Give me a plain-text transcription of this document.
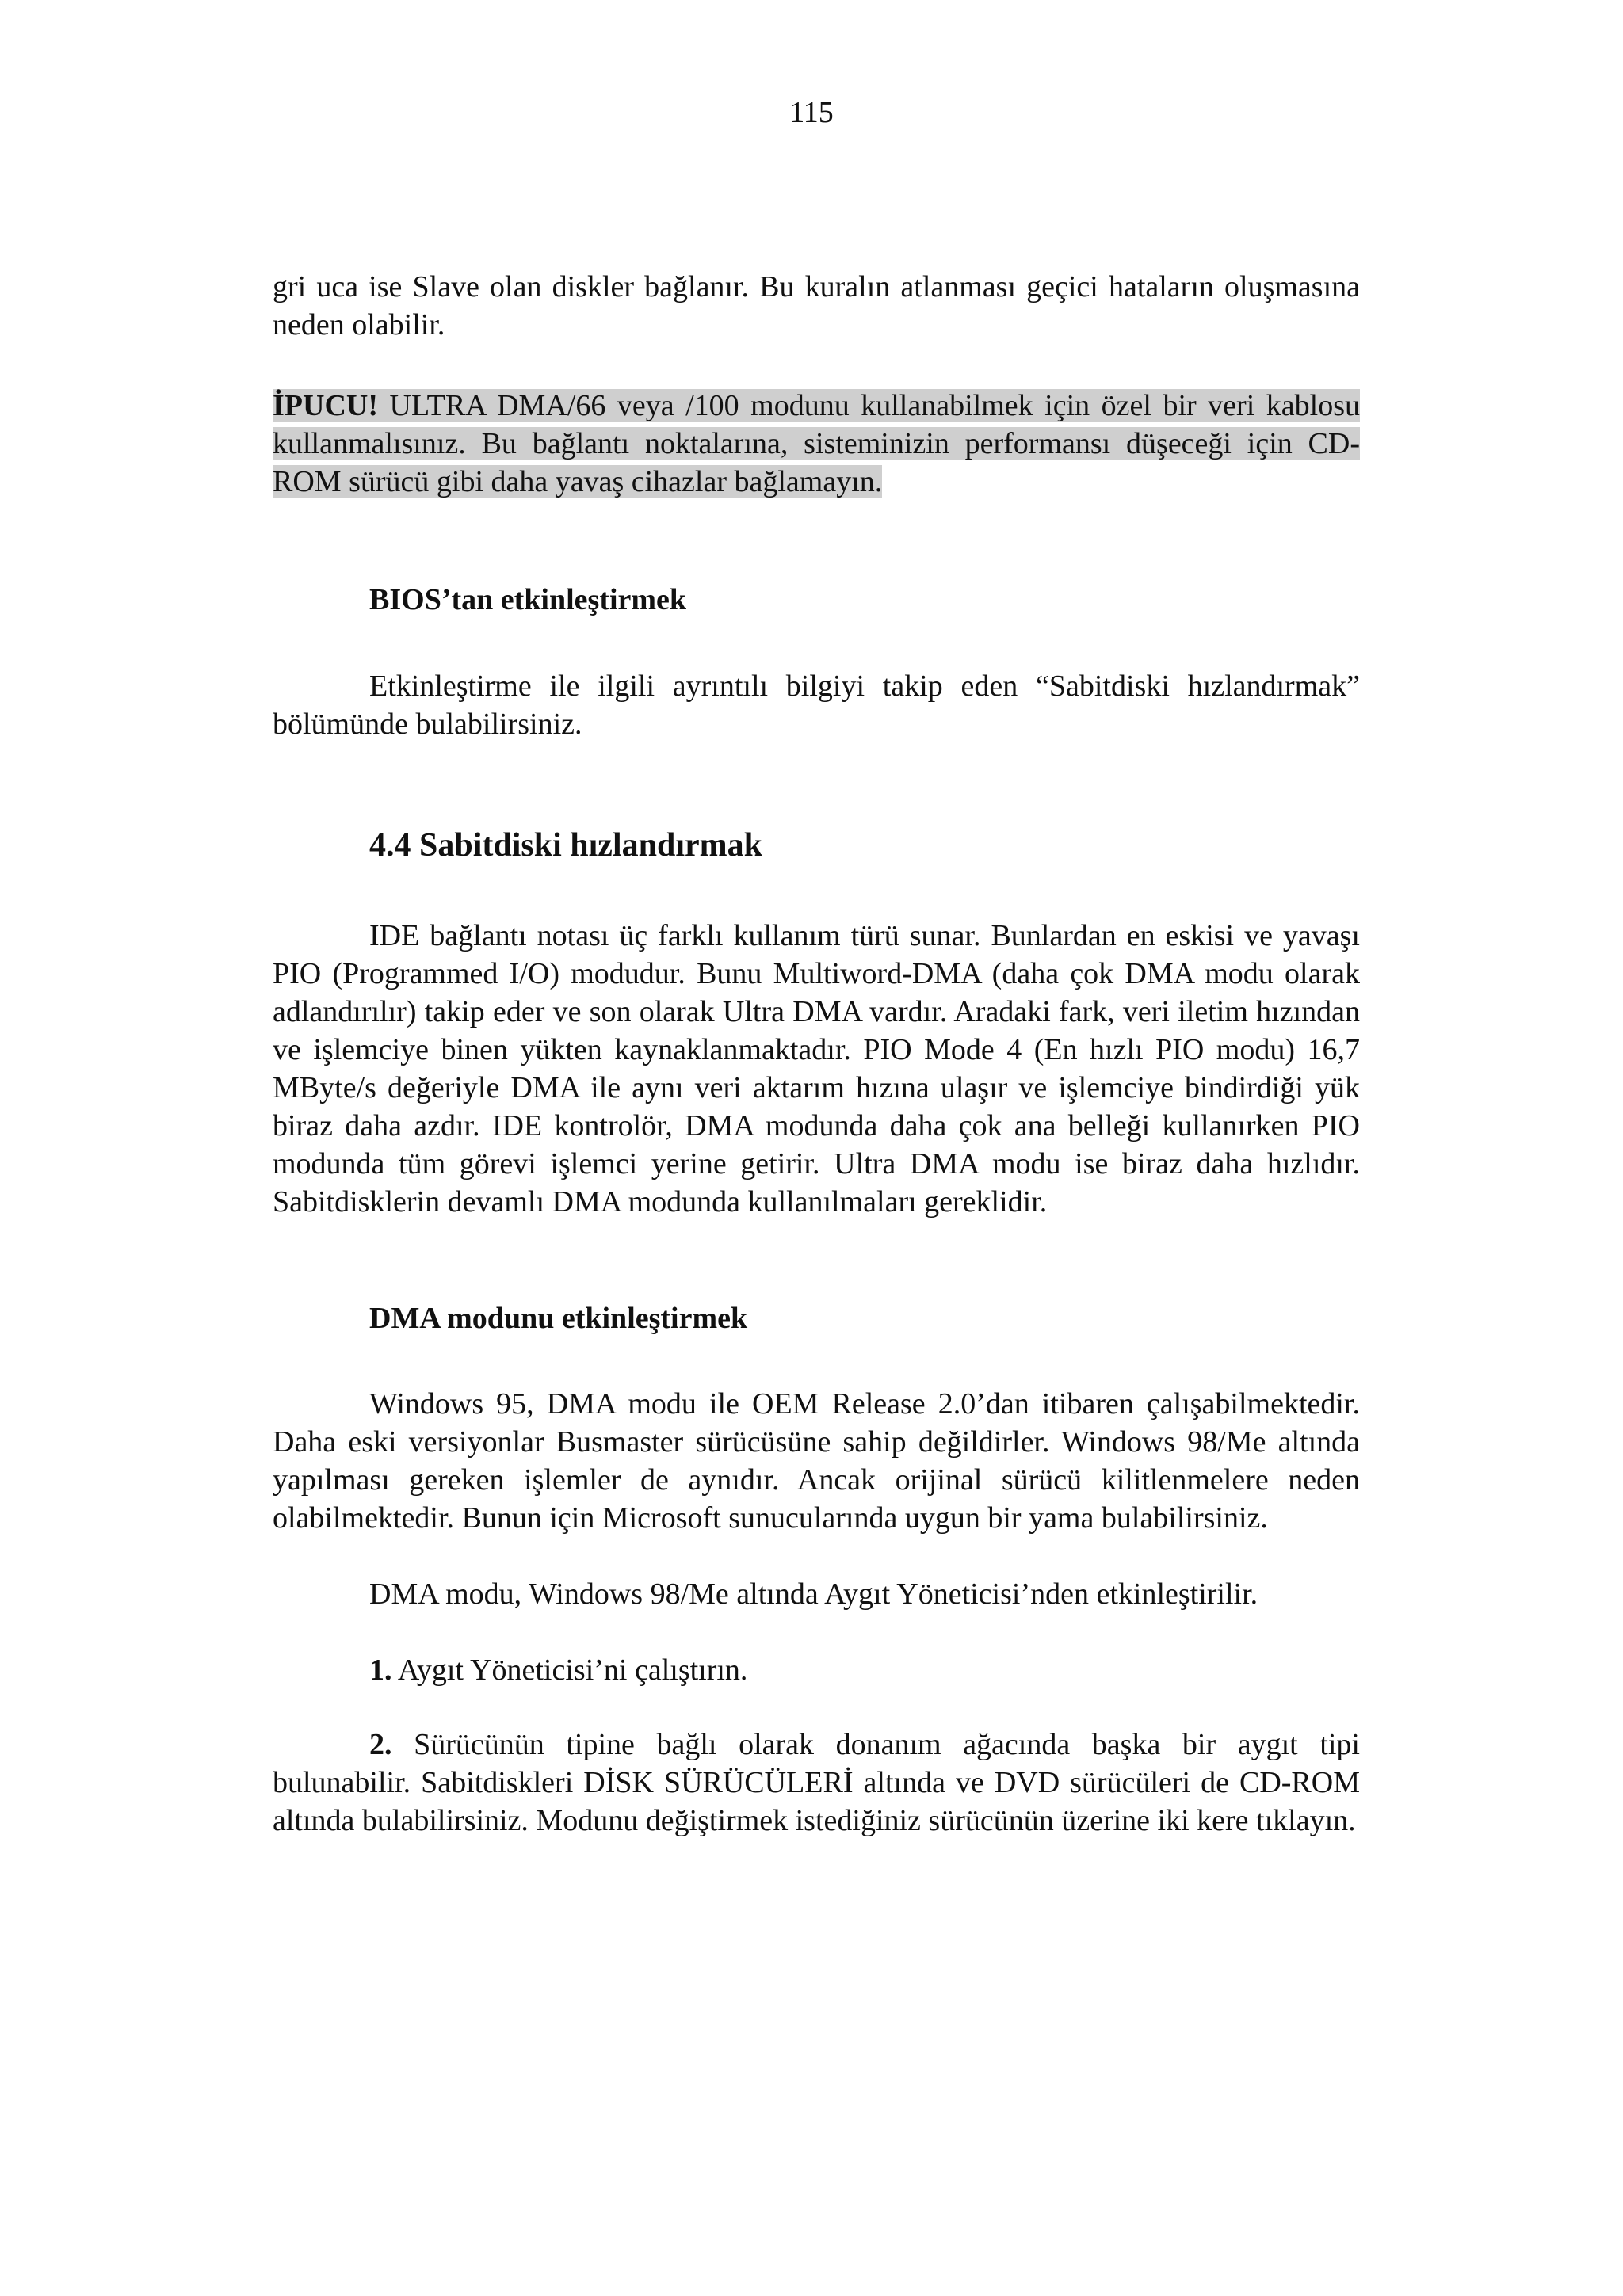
115

gri uca ise Slave olan diskler bağlanır. Bu kuralın atlanması geçici hataların oluşmasına neden olabilir.

İPUCU! ULTRA DMA/66 veya /100 modunu kullanabilmek için özel bir veri kablosu kullanmalısınız. Bu bağlantı noktalarına, sisteminizin performansı düşeceği için CD-ROM sürücü gibi daha yavaş cihazlar bağlamayın.

BIOS’tan etkinleştirmek

Etkinleştirme ile ilgili ayrıntılı bilgiyi takip eden “Sabitdiski hızlandırmak” bölümünde bulabilirsiniz.

4.4 Sabitdiski hızlandırmak

IDE bağlantı notası üç farklı kullanım türü sunar. Bunlardan en eskisi ve yavaşı PIO (Programmed I/O) modudur. Bunu Multiword-DMA (daha çok DMA modu olarak adlandırılır) takip eder ve son olarak Ultra DMA vardır. Aradaki fark, veri iletim hızından ve işlemciye binen yükten kaynaklanmaktadır. PIO Mode 4 (En hızlı PIO modu) 16,7 MByte/s değeriyle DMA ile aynı veri aktarım hızına ulaşır ve işlemciye bindirdiği yük biraz daha azdır. IDE kontrolör, DMA modunda daha çok ana belleği kullanırken PIO modunda tüm görevi işlemci yerine getirir. Ultra DMA modu ise biraz daha hızlıdır. Sabitdisklerin devamlı DMA modunda kullanılmaları gereklidir.

DMA modunu etkinleştirmek

Windows 95, DMA modu ile OEM Release 2.0’dan itibaren çalışabilmektedir. Daha eski versiyonlar Busmaster sürücüsüne sahip değildirler. Windows 98/Me altında yapılması gereken işlemler de aynıdır. Ancak orijinal sürücü kilitlenmelere neden olabilmektedir. Bunun için Microsoft sunucularında uygun bir yama bulabilirsiniz.

DMA modu, Windows 98/Me altında Aygıt Yöneticisi’nden etkinleştirilir.

1. Aygıt Yöneticisi’ni çalıştırın.

2. Sürücünün tipine bağlı olarak donanım ağacında başka bir aygıt tipi bulunabilir. Sabitdiskleri DİSK SÜRÜCÜLERİ altında ve DVD sürücüleri de CD-ROM altında bulabilirsiniz. Modunu değiştirmek istediğiniz sürücünün üzerine iki kere tıklayın.
